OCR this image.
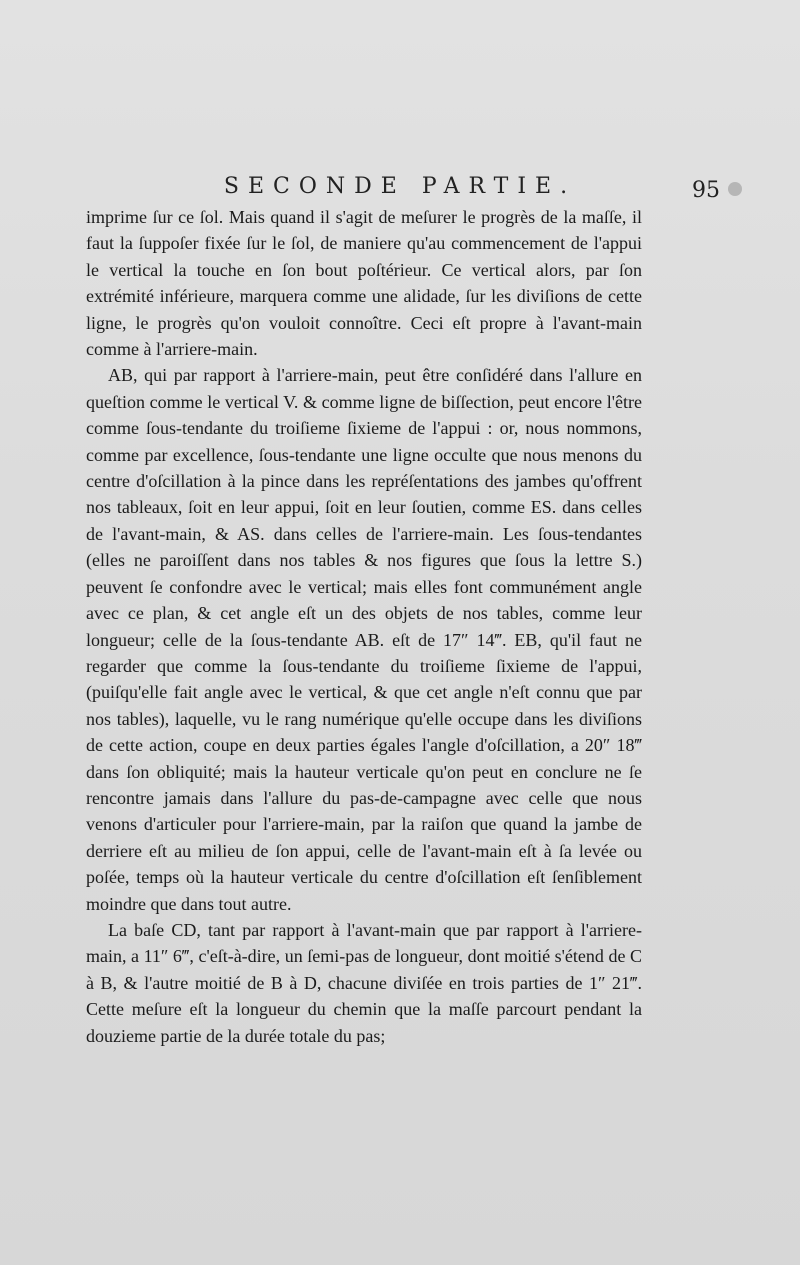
SECONDE PARTIE.	95

imprime ſur ce ſol. Mais quand il s'agit de meſurer le progrès de la maſſe, il faut la ſuppoſer fixée ſur le ſol, de maniere qu'au commencement de l'appui le vertical la touche en ſon bout poſtérieur. Ce vertical alors, par ſon extrémité inférieure, marquera comme une alidade, ſur les diviſions de cette ligne, le progrès qu'on vouloit connoître. Ceci eſt propre à l'avant-main comme à l'arriere-main.

AB, qui par rapport à l'arriere-main, peut être conſidéré dans l'allure en queſtion comme le vertical V. & comme ligne de biſſection, peut encore l'être comme ſous-tendante du troiſieme ſixieme de l'appui : or, nous nommons, comme par excellence, ſous-tendante une ligne occulte que nous menons du centre d'oſcillation à la pince dans les repréſentations des jambes qu'offrent nos tableaux, ſoit en leur appui, ſoit en leur ſoutien, comme ES. dans celles de l'avant-main, & AS. dans celles de l'arriere-main. Les ſous-tendantes (elles ne paroiſſent dans nos tables & nos figures que ſous la lettre S.) peuvent ſe confondre avec le vertical; mais elles font communément angle avec ce plan, & cet angle eſt un des objets de nos tables, comme leur longueur; celle de la ſous-tendante AB. eſt de 17″ 14‴. EB, qu'il faut ne regarder que comme la ſous-tendante du troiſieme ſixieme de l'appui, (puiſqu'elle fait angle avec le vertical, & que cet angle n'eſt connu que par nos tables), laquelle, vu le rang numérique qu'elle occupe dans les diviſions de cette action, coupe en deux parties égales l'angle d'oſcillation, a 20″ 18‴ dans ſon obliquité; mais la hauteur verticale qu'on peut en conclure ne ſe rencontre jamais dans l'allure du pas-de-campagne avec celle que nous venons d'articuler pour l'arriere-main, par la raiſon que quand la jambe de derriere eſt au milieu de ſon appui, celle de l'avant-main eſt à ſa levée ou poſée, temps où la hauteur verticale du centre d'oſcillation eſt ſenſiblement moindre que dans tout autre.

La baſe CD, tant par rapport à l'avant-main que par rapport à l'arriere-main, a 11″ 6‴, c'eſt-à-dire, un ſemi-pas de longueur, dont moitié s'étend de C à B, & l'autre moitié de B à D, chacune diviſée en trois parties de 1″ 21‴. Cette meſure eſt la longueur du chemin que la maſſe parcourt pendant la douzieme partie de la durée totale du pas;
